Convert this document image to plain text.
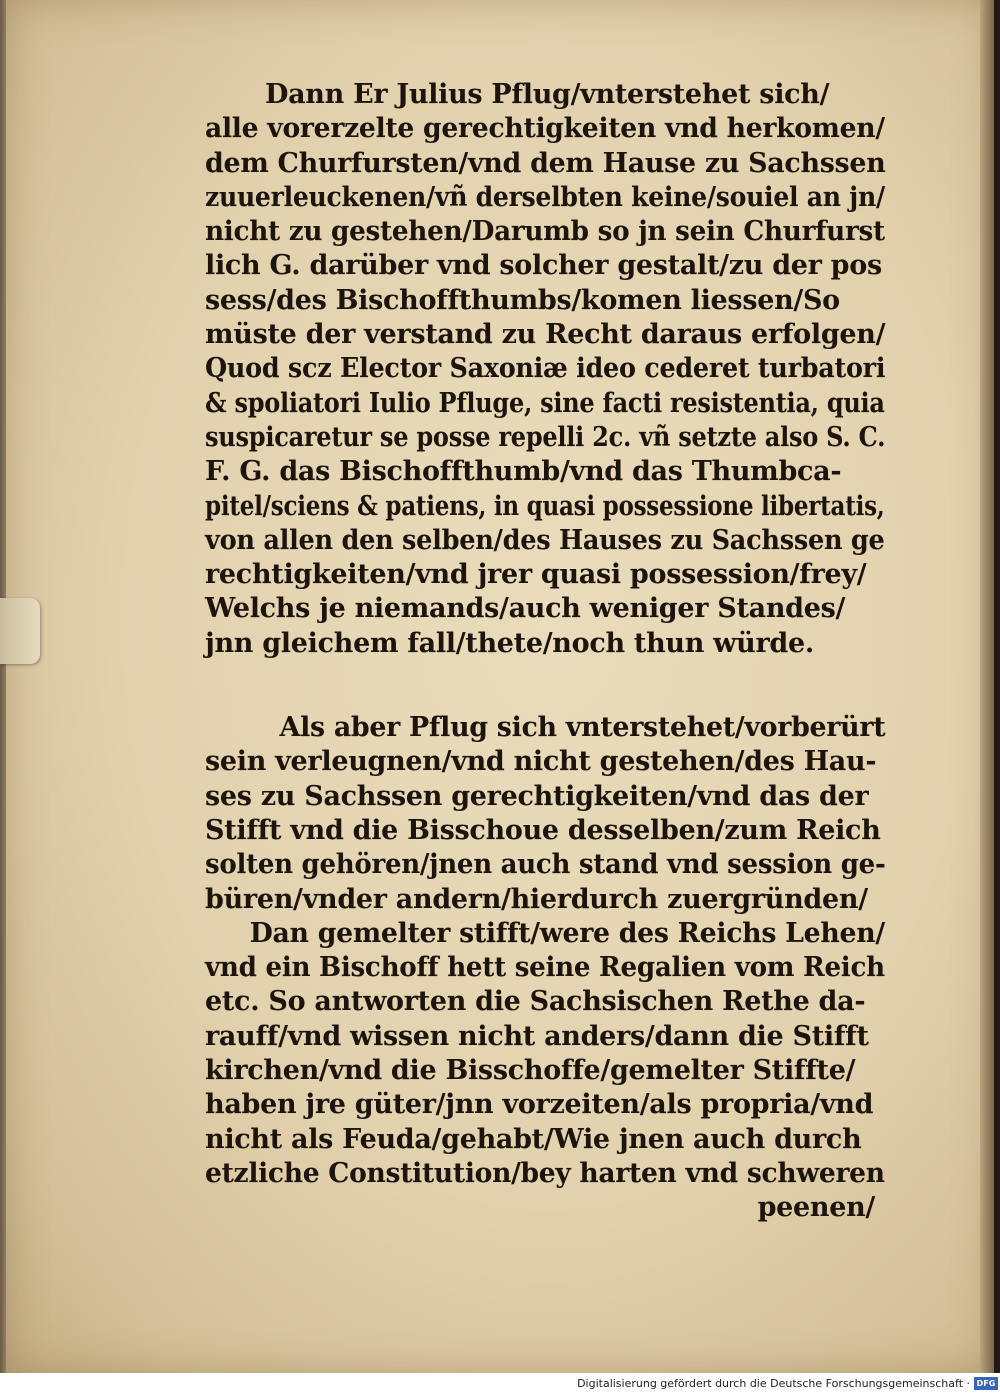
Dann Er Julius Pflug/vnterstehet sich/
alle vorerzelte gerechtigkeiten vnd herkomen/
dem Churfursten/vnd dem Hause zu Sachssen
zuuerleuckenen/vñ derselbten keine/souiel an jn/
nicht zu gestehen/Darumb so jn sein Churfurst
lich G. darüber vnd solcher gestalt/zu der pos
sess/des Bischoffthumbs/komen liessen/So
müste der verstand zu Recht daraus erfolgen/
Quod scz Elector Saxoniæ ideo cederet turbatori
& spoliatori Iulio Pfluge, sine facti resistentia, quia
suspicaretur se posse repelli 2c. vñ setzte also S. C.
F. G. das Bischoffthumb/vnd das Thumbca-
pitel/sciens & patiens, in quasi possessione libertatis,
von allen den selben/des Hauses zu Sachssen ge
rechtigkeiten/vnd jrer quasi possession/frey/
Welchs je niemands/auch weniger Standes/
jnn gleichem fall/thete/noch thun würde.
Als aber Pflug sich vnterstehet/vorberürt
sein verleugnen/vnd nicht gestehen/des Hau-
ses zu Sachssen gerechtigkeiten/vnd das der
Stifft vnd die Bisschoue desselben/zum Reich
solten gehören/jnen auch stand vnd session ge-
büren/vnder andern/hierdurch zuergründen/
Dan gemelter stifft/were des Reichs Lehen/
vnd ein Bischoff hett seine Regalien vom Reich
etc. So antworten die Sachsischen Rethe da-
rauff/vnd wissen nicht anders/dann die Stifft
kirchen/vnd die Bisschoffe/gemelter Stiffte/
haben jre güter/jnn vorzeiten/als propria/vnd
nicht als Feuda/gehabt/Wie jnen auch durch
etzliche Constitution/bey harten vnd schweren
peenen/
Digitalisierung gefördert durch die Deutsche Forschungsgemeinschaft · DFG
